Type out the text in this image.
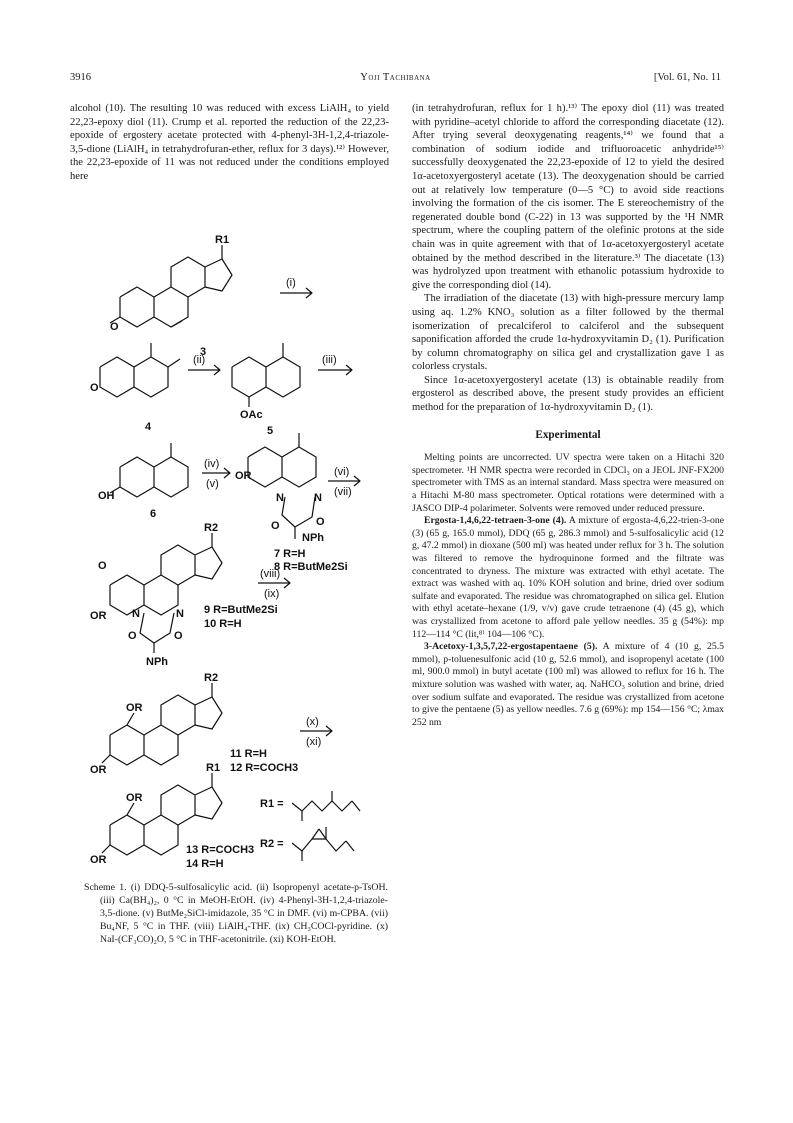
3916	Yoji Tachibana	[Vol. 61, No. 11

alcohol (10). The resulting 10 was reduced with excess LiAlH₄ to yield 22,23-epoxy diol (11). Crump et al. reported the reduction of the 22,23-epoxide of ergostery acetate protected with 4-phenyl-3H-1,2,4-triazole-3,5-dione (LiAlH₄ in tetrahydrofuran-ether, reflux for 3 days).¹²⁾ However, the 22,23-epoxide of 11 was not reduced under the conditions employed here

O
R1
3
(i)
O
4
(ii)
OAc
5
(iii)
OH
6
(iv)
(v)
OR
N	N
O	O
NPh
7 R=H
8 R=ButMe2Si
(vi)
(vii)
R2
O
OR N	N
O	O
NPh
9 R=ButMe2Si
10 R=H
(viii)
(ix)
R2
OR
OR
11 R=H
12 R=COCH3
(x)
(xi)
R1
OR
OR
13 R=COCH3
14 R=H
R1 =
R2 =

Scheme 1. (i) DDQ-5-sulfosalicylic acid. (ii) Isopropenyl acetate-p-TsOH. (iii) Ca(BH₄)₂, 0 °C in MeOH-EtOH. (iv) 4-Phenyl-3H-1,2,4-triazole-3,5-dione. (v) ButMe₂SiCl-imidazole, 35 °C in DMF. (vi) m-CPBA. (vii) Bu₄NF, 5 °C in THF. (viii) LiAlH₄-THF. (ix) CH₃COCl-pyridine. (x) NaI-(CF₃CO)₂O, 5 °C in THF-acetonitrile. (xi) KOH-EtOH.

(in tetrahydrofuran, reflux for 1 h).¹³⁾ The epoxy diol (11) was treated with pyridine–acetyl chloride to afford the corresponding diacetate (12). After trying several deoxygenating reagents,¹⁴⁾ we found that a combination of sodium iodide and trifluoroacetic anhydride¹⁵⁾ successfully deoxygenated the 22,23-epoxide of 12 to yield the desired 1α-acetoxyergosteryl acetate (13). The deoxygenation should be carried out at relatively low temperature (0—5 °C) to avoid side reactions involving the formation of the cis isomer. The E stereochemistry of the regenerated double bond (C-22) in 13 was supported by the ¹H NMR spectrum, where the coupling pattern of the olefinic protons at the side chain was in quite agreement with that of 1α-acetoxyergosteryl acetate obtained by the method described in the literature.³⁾ The diacetate (13) was hydrolyzed upon treatment with ethanolic potassium hydroxide to give the corresponding diol (14).

The irradiation of the diacetate (13) with high-pressure mercury lamp using aq. 1.2% KNO₃ solution as a filter followed by the thermal isomerization of precalciferol to calciferol and the subsequent saponification afforded the crude 1α-hydroxyvitamin D₂ (1). Purification by column chromatography on silica gel and crystallization gave 1 as colorless crystals.

Since 1α-acetoxyergosteryl acetate (13) is obtainable readily from ergosterol as described above, the present study provides an efficient method for the preparation of 1α-hydroxyvitamin D₂ (1).

Experimental

Melting points are uncorrected. UV spectra were taken on a Hitachi 320 spectrometer. ¹H NMR spectra were recorded in CDCl₃ on a JEOL JNF-FX200 spectrometer with TMS as an internal standard. Mass spectra were measured on a Hitachi M-80 mass spectrometer. Optical rotations were determined with a JASCO DIP-4 polarimeter. Solvents were removed under reduced pressure.

Ergosta-1,4,6,22-tetraen-3-one (4). A mixture of ergosta-4,6,22-trien-3-one (3) (65 g, 165.0 mmol), DDQ (65 g, 286.3 mmol) and 5-sulfosalicylic acid (12 g, 47.2 mmol) in dioxane (500 ml) was heated under reflux for 3 h. The solution was filtered to remove the hydroquinone formed and the filtrate was concentrated to dryness. The mixture was extracted with ethyl acetate. The extract was washed with aq. 10% KOH solution and brine, dried over sodium sulfate and evaporated. The residue was chromatographed on silica gel. Elution with ethyl acetate–hexane (1/9, v/v) gave crude tetraenone (4) (45 g), which was crystallized from acetone to afford pale yellow needles. 35 g (54%): mp 112—114 °C (lit,⁸⁾ 104—106 °C).

3-Acetoxy-1,3,5,7,22-ergostapentaene (5). A mixture of 4 (10 g, 25.5 mmol), p-toluenesulfonic acid (10 g, 52.6 mmol), and isopropenyl acetate (100 ml, 900.0 mmol) in butyl acetate (100 ml) was allowed to reflux for 16 h. The mixture solution was washed with water, aq. NaHCO₃ solution and brine, dried over sodium sulfate and evaporated. The residue was crystallized from acetone to give the pentaene (5) as yellow needles. 7.6 g (69%): mp 154—156 °C; λmax 252 nm
